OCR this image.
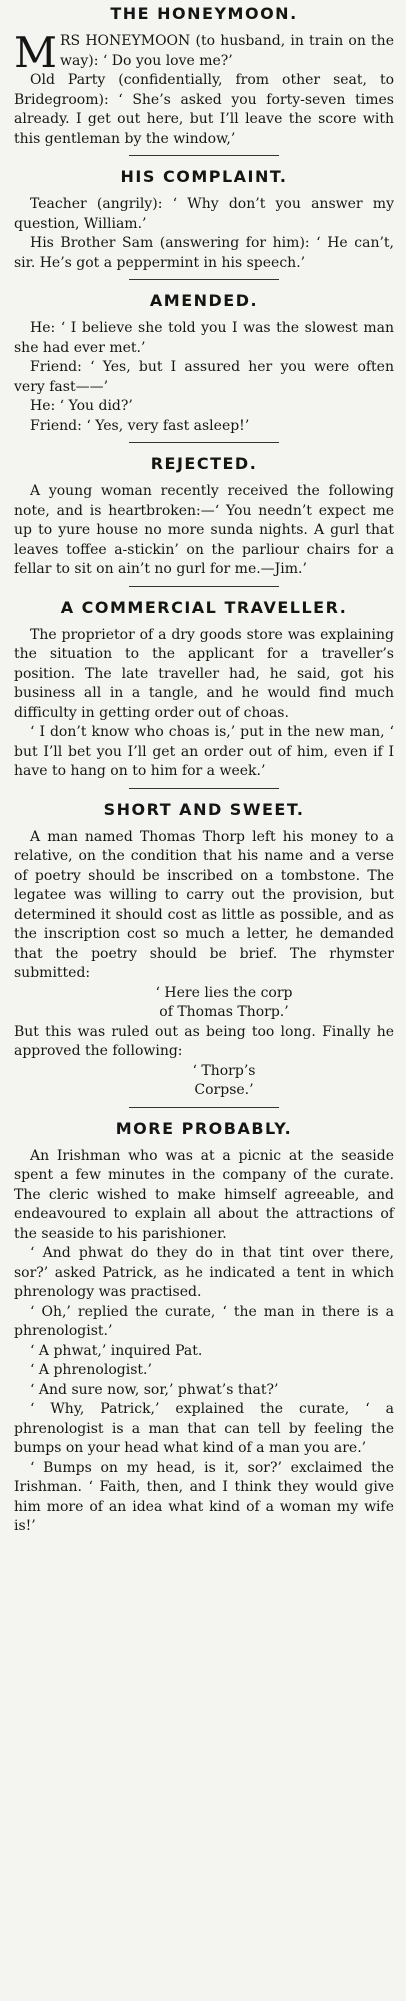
THE HONEYMOON.

MRS HONEYMOON (to husband, in train on the way): ‘ Do you love me?’

Old Party (confidentially, from other seat, to Bridegroom): ‘ She’s asked you forty-seven times already. I get out here, but I’ll leave the score with this gentleman by the window,’

HIS COMPLAINT.

Teacher (angrily): ‘ Why don’t you answer my question, William.’

His Brother Sam (answering for him): ‘ He can’t, sir. He’s got a peppermint in his speech.’

AMENDED.

He: ‘ I believe she told you I was the slowest man she had ever met.’

Friend: ‘ Yes, but I assured her you were often very fast——’

He: ‘ You did?’

Friend: ‘ Yes, very fast asleep!’

REJECTED.

A young woman recently received the following note, and is heartbroken:—‘ You needn’t expect me up to yure house no more sunda nights. A gurl that leaves toffee a-stickin’ on the parliour chairs for a fellar to sit on ain’t no gurl for me.—Jim.’

A COMMERCIAL TRAVELLER.

The proprietor of a dry goods store was explaining the situation to the applicant for a traveller’s position. The late traveller had, he said, got his business all in a tangle, and he would find much difficulty in getting order out of choas.

‘ I don’t know who choas is,’ put in the new man, ‘ but I’ll bet you I’ll get an order out of him, even if I have to hang on to him for a week.’

SHORT AND SWEET.

A man named Thomas Thorp left his money to a relative, on the condition that his name and a verse of poetry should be inscribed on a tombstone. The legatee was willing to carry out the provision, but determined it should cost as little as possible, and as the inscription cost so much a letter, he demanded that the poetry should be brief. The rhymster submitted:

‘ Here lies the corp
of Thomas Thorp.’

But this was ruled out as being too long. Finally he approved the following:

‘ Thorp’s
Corpse.’
MORE PROBABLY.

An Irishman who was at a picnic at the seaside spent a few minutes in the company of the curate. The cleric wished to make himself agreeable, and endeavoured to explain all about the attractions of the seaside to his parishioner.

‘ And phwat do they do in that tint over there, sor?’ asked Patrick, as he indicated a tent in which phrenology was practised.

‘ Oh,’ replied the curate, ‘ the man in there is a phrenologist.’

‘ A phwat,’ inquired Pat.

‘ A phrenologist.’

‘ And sure now, sor,’ phwat’s that?’

‘ Why, Patrick,’ explained the curate, ‘ a phrenologist is a man that can tell by feeling the bumps on your head what kind of a man you are.’

‘ Bumps on my head, is it, sor?’ exclaimed the Irishman. ‘ Faith, then, and I think they would give him more of an idea what kind of a woman my wife is!’
